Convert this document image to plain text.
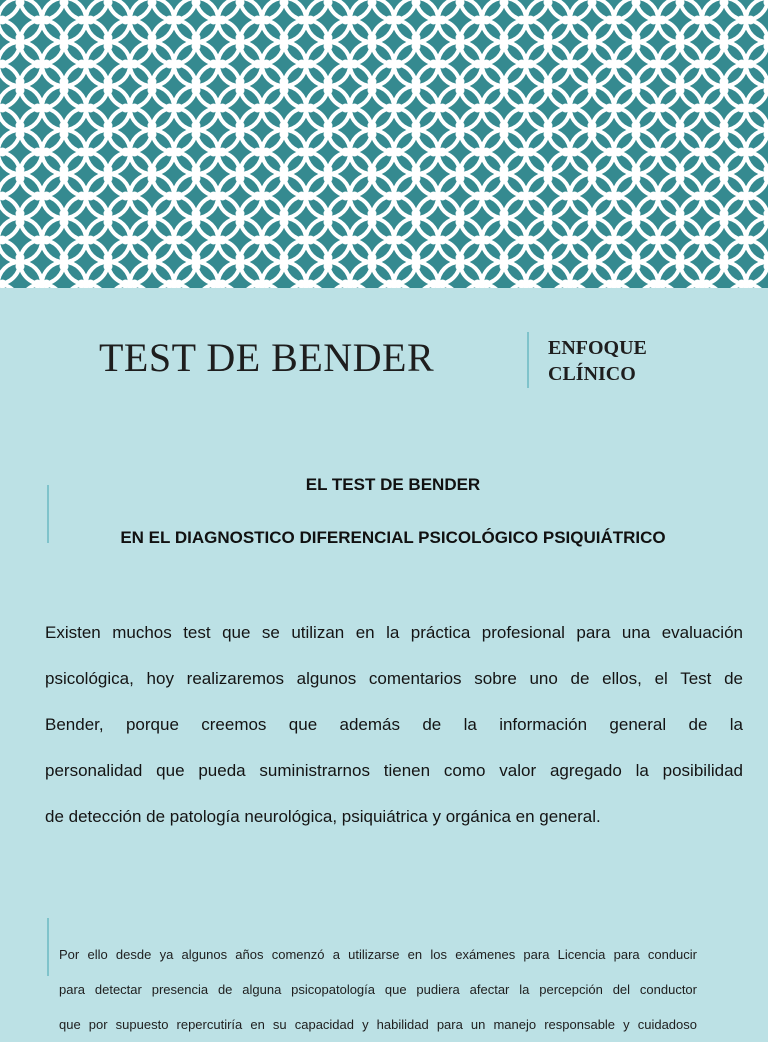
TEST DE BENDER	ENFOQUE
CLÍNICO
EL TEST DE BENDER
EN EL DIAGNOSTICO DIFERENCIAL PSICOLÓGICO PSIQUIÁTRICO
Existen muchos test que se utilizan en la práctica profesional para una evaluación
psicológica, hoy realizaremos algunos comentarios sobre uno de ellos, el Test de
Bender, porque creemos que además de la información general de la
personalidad que pueda suministrarnos tienen como valor agregado la posibilidad
de detección de patología neurológica, psiquiátrica y orgánica en general.
Por ello desde ya algunos años comenzó a utilizarse en los exámenes para Licencia para conducir
para detectar presencia de alguna psicopatología que pudiera afectar la percepción del conductor
que por supuesto repercutiría en su capacidad y habilidad para un manejo responsable y cuidadoso
